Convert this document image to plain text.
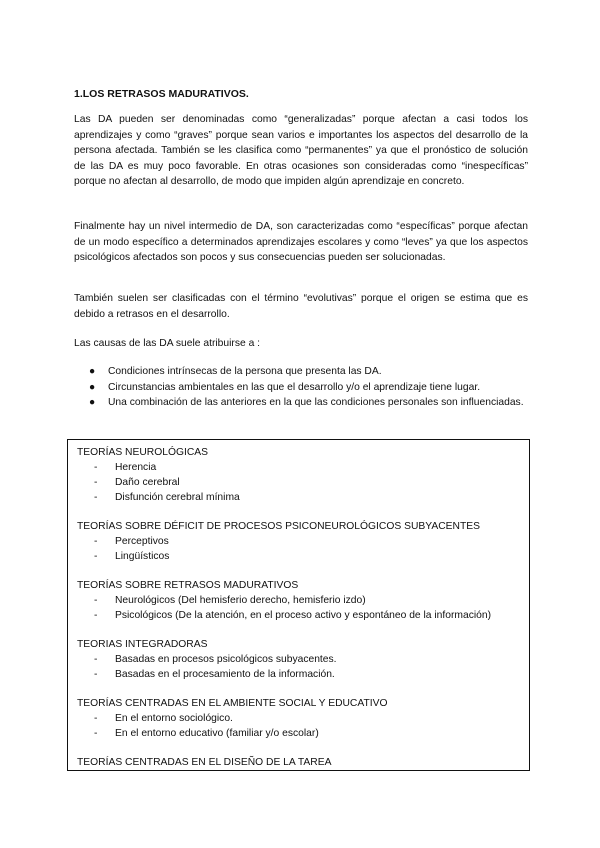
1.LOS RETRASOS MADURATIVOS.

Las DA pueden ser denominadas como “generalizadas” porque afectan a casi todos los aprendizajes y como “graves” porque sean varios e importantes los aspectos del desarrollo de la persona afectada. También se les clasifica como “permanentes” ya que el pronóstico de solución de las DA es muy poco favorable. En otras ocasiones son consideradas como “inespecíficas” porque no afectan al desarrollo, de modo que impiden algún aprendizaje en concreto.

Finalmente hay un nivel intermedio de DA, son caracterizadas como “específicas” porque afectan de un modo específico a determinados aprendizajes escolares y como “leves” ya que los aspectos psicológicos afectados son pocos y sus consecuencias pueden ser solucionadas.

También suelen ser clasificadas con el término “evolutivas” porque el origen se estima que es debido a retrasos en el desarrollo.

Las causas de las DA suele atribuirse a :

● Condiciones intrínsecas de la persona que presenta las DA.
● Circunstancias ambientales en las que el desarrollo y/o el aprendizaje tiene lugar.
● Una combinación de las anteriores en la que las condiciones personales son influenciadas.

TEORÍAS NEUROLÓGICAS

- Herencia
- Daño cerebral
- Disfunción cerebral mínima

TEORÍAS SOBRE DÉFICIT DE PROCESOS PSICONEUROLÓGICOS SUBYACENTES

- Perceptivos
- Lingüísticos

TEORÍAS SOBRE RETRASOS MADURATIVOS

- Neurológicos (Del hemisferio derecho, hemisferio izdo)
- Psicológicos (De la atención, en el proceso activo y espontáneo de la información)

TEORIAS INTEGRADORAS

- Basadas en procesos psicológicos subyacentes.
- Basadas en el procesamiento de la información.

TEORÍAS CENTRADAS EN EL AMBIENTE SOCIAL Y EDUCATIVO

- En el entorno sociológico.
- En el entorno educativo (familiar y/o escolar)

TEORÍAS CENTRADAS EN EL DISEÑO DE LA TAREA
